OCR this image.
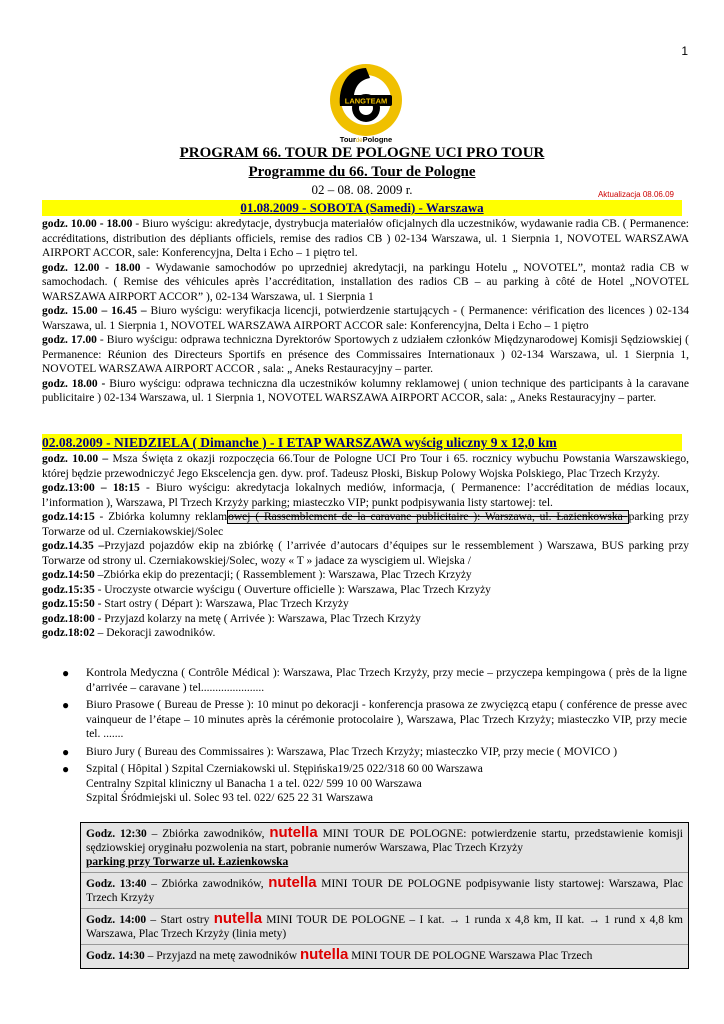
1
LANGTEAM
TourdePologne
PROGRAM 66. TOUR DE POLOGNE UCI PRO TOUR
Programme du 66. Tour de Pologne
02 – 08. 08. 2009 r.	Aktualizacja 08.06.09
01.08.2009 - SOBOTA (Samedi) - Warszawa

godz. 10.00 - 18.00 - Biuro wyścigu: akredytacje, dystrybucja materiałów oficjalnych dla uczestników, wydawanie radia CB. ( Permanence: accréditations, distribution des dépliants officiels, remise des radios CB ) 02-134 Warszawa, ul. 1 Sierpnia 1, NOVOTEL WARSZAWA AIRPORT ACCOR, sale: Konferencyjna, Delta i Echo – 1 piętro tel.

godz. 12.00 - 18.00 - Wydawanie samochodów po uprzedniej akredytacji, na parkingu Hotelu „ NOVOTEL”, montaż radia CB w samochodach. ( Remise des véhicules après l’accréditation, installation des radios CB – au parking à côté de Hotel „NOVOTEL WARSZAWA AIRPORT ACCOR” ), 02-134 Warszawa, ul. 1 Sierpnia 1

godz. 15.00 – 16.45 – Biuro wyścigu: weryfikacja licencji, potwierdzenie startujących - ( Permanence: vérification des licences ) 02-134 Warszawa, ul. 1 Sierpnia 1, NOVOTEL WARSZAWA AIRPORT ACCOR sale: Konferencyjna, Delta i Echo – 1 piętro

godz. 17.00 - Biuro wyścigu: odprawa techniczna Dyrektorów Sportowych z udziałem członków Międzynarodowej Komisji Sędziowskiej ( Permanence: Réunion des Directeurs Sportifs en présence des Commissaires Internationaux ) 02-134 Warszawa, ul. 1 Sierpnia 1, NOVOTEL WARSZAWA AIRPORT ACCOR , sala: „ Aneks Restauracyjny – parter.

godz. 18.00 - Biuro wyścigu: odprawa techniczna dla uczestników kolumny reklamowej ( union technique des participants à la caravane publicitaire ) 02-134 Warszawa, ul. 1 Sierpnia 1, NOVOTEL WARSZAWA AIRPORT ACCOR, sala: „ Aneks Restauracyjny – parter.

02.08.2009 - NIEDZIELA ( Dimanche ) - I ETAP WARSZAWA wyścig uliczny 9 x 12,0 km

godz. 10.00 – Msza Święta z okazji rozpoczęcia 66.Tour de Pologne UCI Pro Tour i 65. rocznicy wybuchu Powstania Warszawskiego, której będzie przewodniczyć Jego Ekscelencja gen. dyw. prof. Tadeusz Płoski, Biskup Polowy Wojska Polskiego, Plac Trzech Krzyży.

godz.13:00 – 18:15 - Biuro wyścigu: akredytacja lokalnych mediów, informacja, ( Permanence: l’accréditation de médias locaux, l’information ), Warszawa, Pl Trzech Krzyży parking; miasteczko VIP; punkt podpisywania listy startowej: tel.

godz.14:15 - Zbiórka kolumny reklamowej ( Rassemblement de la caravane publicitaire ): Warszawa, ul. Łazienkowska parking przy Torwarze od ul. Czerniakowskiej/Solec

godz.14.35 –Przyjazd pojazdów ekip na zbiórkę ( l’arrivée d’autocars d’équipes sur le ressemblement ) Warszawa, BUS parking przy Torwarze od strony ul. Czerniakowskiej/Solec, wozy « T » jadace za wyscigiem ul. Wiejska /

godz.14:50 –Zbiórka ekip do prezentacji; ( Rassemblement ): Warszawa, Plac Trzech Krzyży

godz.15:35 - Uroczyste otwarcie wyścigu ( Ouverture officielle ): Warszawa, Plac Trzech Krzyży

godz.15:50 - Start ostry ( Départ ): Warszawa, Plac Trzech Krzyży

godz.18:00 - Przyjazd kolarzy na metę ( Arrivée ): Warszawa, Plac Trzech Krzyży

godz.18:02 – Dekoracji zawodników.

● Kontrola Medyczna ( Contrôle Médical ): Warszawa, Plac Trzech Krzyży, przy mecie – przyczepa kempingowa ( près de la ligne d’arrivée – caravane ) tel......................
● Biuro Prasowe ( Bureau de Presse ): 10 minut po dekoracji - konferencja prasowa ze zwycięzcą etapu ( conférence de presse avec vainqueur de l’étape – 10 minutes après la cérémonie protocolaire ), Warszawa, Plac Trzech Krzyży; miasteczko VIP, przy mecie tel. .......
● Biuro Jury ( Bureau des Commissaires ): Warszawa, Plac Trzech Krzyży; miasteczko VIP, przy mecie ( MOVICO )
● Szpital ( Hôpital ) Szpital Czerniakowski ul. Stępińska19/25 022/318 60 00 Warszawa
Centralny Szpital kliniczny ul Banacha 1 a tel. 022/ 599 10 00 Warszawa
Szpital Śródmiejski ul. Solec 93 tel. 022/ 625 22 31 Warszawa
Godz. 12:30 – Zbiórka zawodników, nutella MINI TOUR DE POLOGNE: potwierdzenie startu, przedstawienie komisji sędziowskiej oryginału pozwolenia na start, pobranie numerów Warszawa, Plac Trzech Krzyży
parking przy Torwarze ul. Łazienkowska
Godz. 13:40 – Zbiórka zawodników, nutella MINI TOUR DE POLOGNE podpisywanie listy startowej: Warszawa, Plac Trzech Krzyży
Godz. 14:00 – Start ostry nutella MINI TOUR DE POLOGNE – I kat. → 1 runda x 4,8 km, II kat. → 1 rund x 4,8 km Warszawa, Plac Trzech Krzyży (linia mety)
Godz. 14:30 – Przyjazd na metę zawodników nutella MINI TOUR DE POLOGNE Warszawa Plac Trzech
